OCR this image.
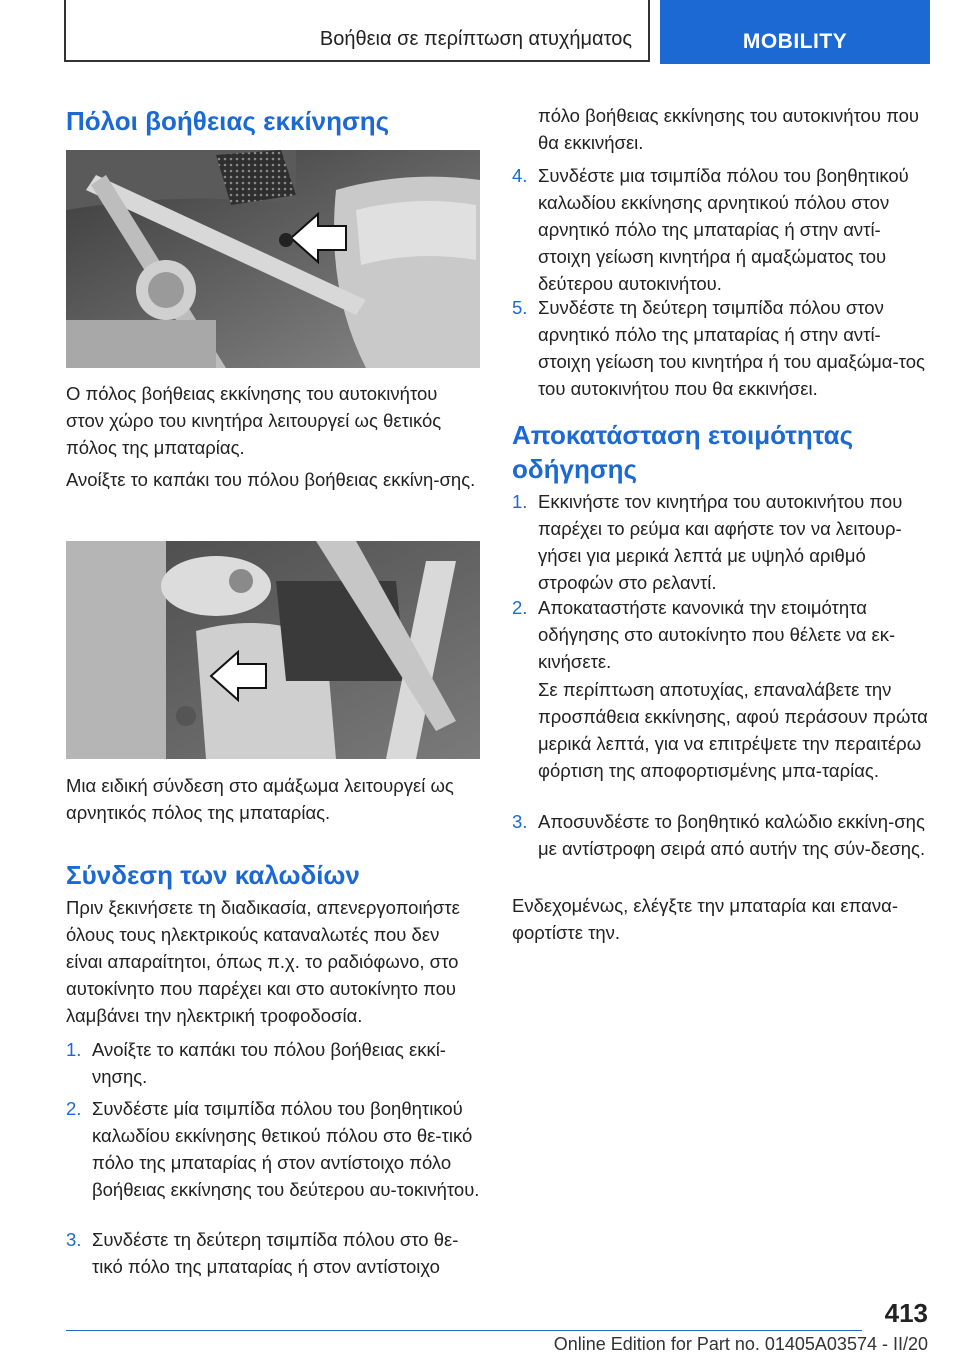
Βοήθεια σε περίπτωση ατυχήματος	MOBILITY
Πόλοι βοήθειας εκκίνησης

Ο πόλος βοήθειας εκκίνησης του αυτοκινήτου στον χώρο του κινητήρα λειτουργεί ως θετικός πόλος της μπαταρίας.

Ανοίξτε το καπάκι του πόλου βοήθειας εκκίνη-σης.

Μια ειδική σύνδεση στο αμάξωμα λειτουργεί ως αρνητικός πόλος της μπαταρίας.

Σύνδεση των καλωδίων

Πριν ξεκινήσετε τη διαδικασία, απενεργοποιήστε όλους τους ηλεκτρικούς καταναλωτές που δεν είναι απαραίτητοι, όπως π.χ. το ραδιόφωνο, στο αυτοκίνητο που παρέχει και στο αυτοκίνητο που λαμβάνει την ηλεκτρική τροφοδοσία.

1. Ανοίξτε το καπάκι του πόλου βοήθειας εκκί-νησης.
2. Συνδέστε μία τσιμπίδα πόλου του βοηθητικού καλωδίου εκκίνησης θετικού πόλου στο θε-τικό πόλο της μπαταρίας ή στον αντίστοιχο πόλο βοήθειας εκκίνησης του δεύτερου αυ-τοκινήτου.
3. Συνδέστε τη δεύτερη τσιμπίδα πόλου στο θε-τικό πόλο της μπαταρίας ή στον αντίστοιχο

πόλο βοήθειας εκκίνησης του αυτοκινήτου που θα εκκινήσει.

4. Συνδέστε μια τσιμπίδα πόλου του βοηθητικού καλωδίου εκκίνησης αρνητικού πόλου στον αρνητικό πόλο της μπαταρίας ή στην αντί-στοιχη γείωση κινητήρα ή αμαξώματος του δεύτερου αυτοκινήτου.
5. Συνδέστε τη δεύτερη τσιμπίδα πόλου στον αρνητικό πόλο της μπαταρίας ή στην αντί-στοιχη γείωση του κινητήρα ή του αμαξώμα-τος του αυτοκινήτου που θα εκκινήσει.
Αποκατάσταση ετοιμότητας οδήγησης
1. Εκκινήστε τον κινητήρα του αυτοκινήτου που παρέχει το ρεύμα και αφήστε τον να λειτουρ-γήσει για μερικά λεπτά με υψηλό αριθμό στροφών στο ρελαντί.
2. Αποκαταστήστε κανονικά την ετοιμότητα οδήγησης στο αυτοκίνητο που θέλετε να εκ-κινήσετε.

Σε περίπτωση αποτυχίας, επαναλάβετε την προσπάθεια εκκίνησης, αφού περάσουν πρώτα μερικά λεπτά, για να επιτρέψετε την περαιτέρω φόρτιση της αποφορτισμένης μπα-ταρίας.

3. Αποσυνδέστε το βοηθητικό καλώδιο εκκίνη-σης με αντίστροφη σειρά από αυτήν της σύν-δεσης.

Ενδεχομένως, ελέγξτε την μπαταρία και επανα-φορτίστε την.

413
Online Edition for Part no. 01405A03574 - II/20
